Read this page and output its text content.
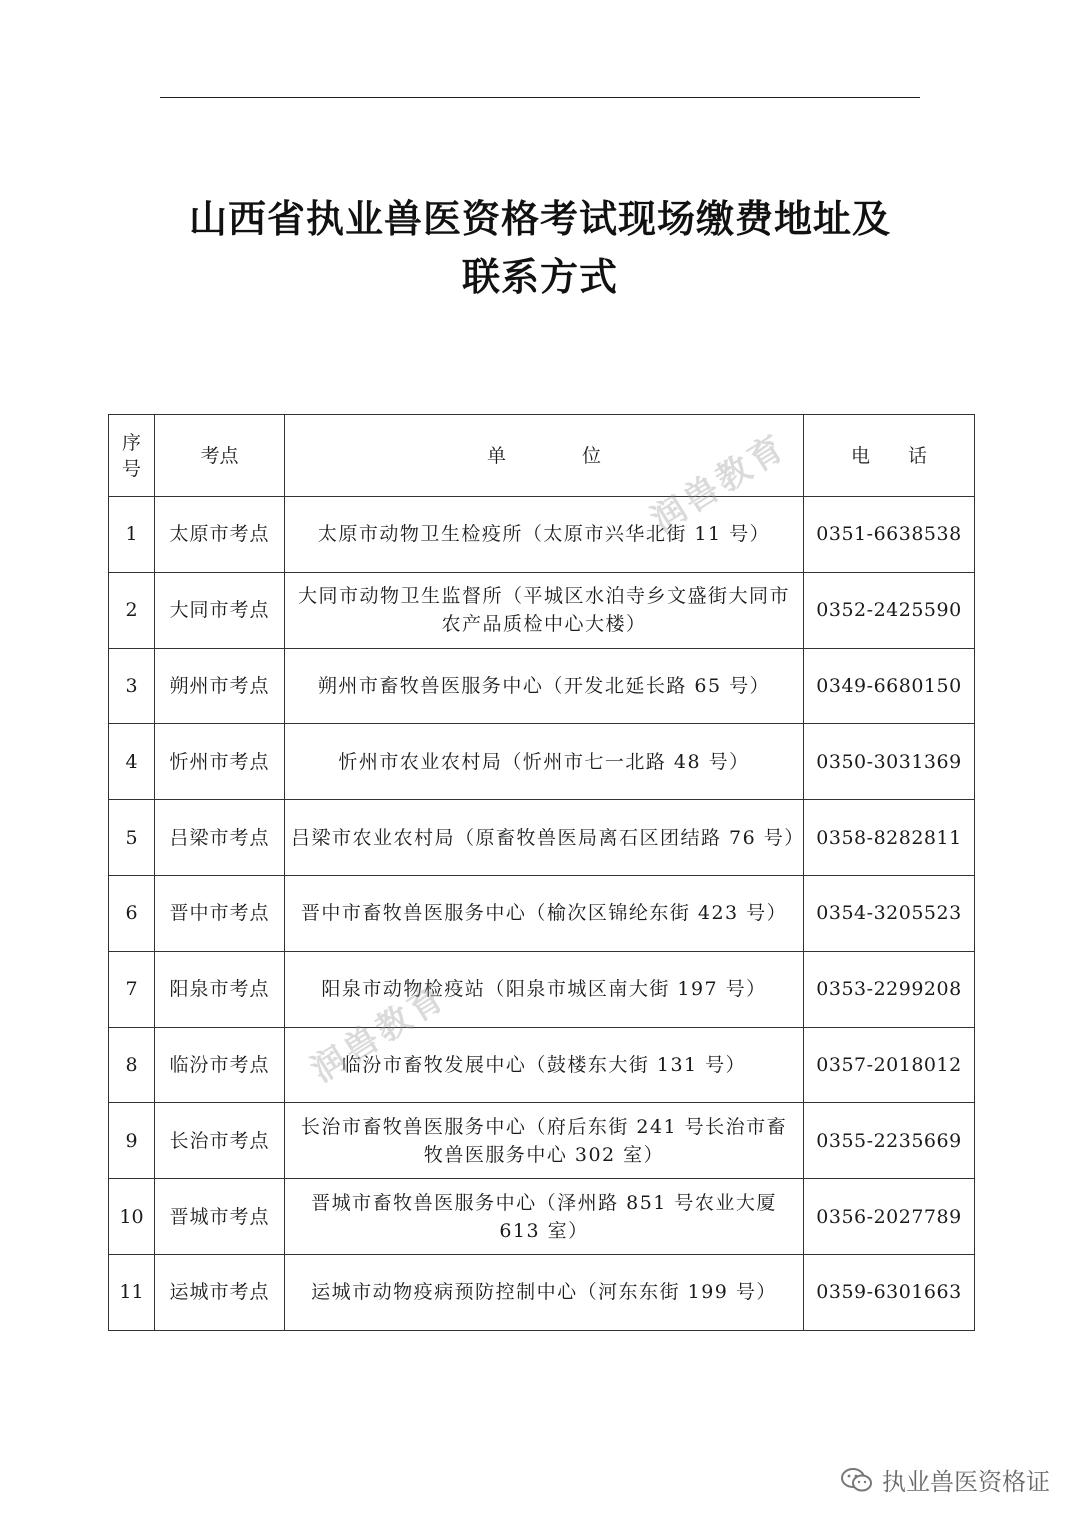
山西省执业兽医资格考试现场缴费地址及
联系方式
序
号	考点	单　　　　位	电　　话
1	太原市考点	太原市动物卫生检疫所（太原市兴华北街 11 号）	0351-6638538
2	大同市考点	大同市动物卫生监督所（平城区水泊寺乡文盛街大同市农产品质检中心大楼）	0352-2425590
3	朔州市考点	朔州市畜牧兽医服务中心（开发北延长路 65 号）	0349-6680150
4	忻州市考点	忻州市农业农村局（忻州市七一北路 48 号）	0350-3031369
5	吕梁市考点	吕梁市农业农村局（原畜牧兽医局离石区团结路 76 号）	0358-8282811
6	晋中市考点	晋中市畜牧兽医服务中心（榆次区锦纶东街 423 号）	0354-3205523
7	阳泉市考点	阳泉市动物检疫站（阳泉市城区南大街 197 号）	0353-2299208
8	临汾市考点	临汾市畜牧发展中心（鼓楼东大街 131 号）	0357-2018012
9	长治市考点	长治市畜牧兽医服务中心（府后东街 241 号长治市畜牧兽医服务中心 302 室）	0355-2235669
10	晋城市考点	晋城市畜牧兽医服务中心（泽州路 851 号农业大厦 613 室）	0356-2027789
11	运城市考点	运城市动物疫病预防控制中心（河东东街 199 号）	0359-6301663
润兽教育
润兽教育
执业兽医资格证
